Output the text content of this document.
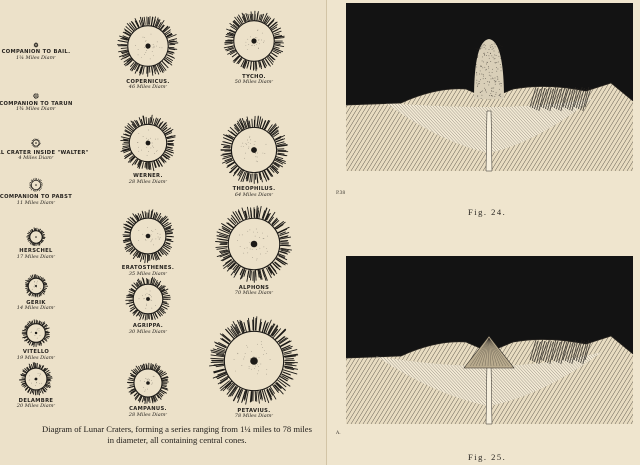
COMPANION TO BAIL.
1¼ Miles Diamʳ
COMPANION TO TARUN
1¾ Miles Diamʳ
L CRATER INSIDE "WALTER"
4 Miles Diamʳ
COMPANION TO PABST
11 Miles Diamʳ
HERSCHEL
17 Miles Diamʳ
GERIK
14 Miles Diamʳ
VITELLO
19 Miles Diamʳ
DELAMBRE
20 Miles Diamʳ
COPERNICUS.
46 Miles Diamʳ
WERNER.
28 Miles Diamʳ
ERATOSTHENES.
35 Miles Diamʳ
AGRIPPA.
30 Miles Diamʳ
CAMPANUS.
28 Miles Diamʳ
TYCHO.
50 Miles Diamʳ
THEOPHILUS.
64 Miles Diamʳ
ALPHONS
70 Miles Diamʳ
PETAVIUS.
78 Miles Diamʳ

Diagram of Lunar Craters, forming a series ranging from 1¼ miles to 78 miles in diameter, all containing central cones.

P.38
Fig. 24.
A.
Fig. 25.
